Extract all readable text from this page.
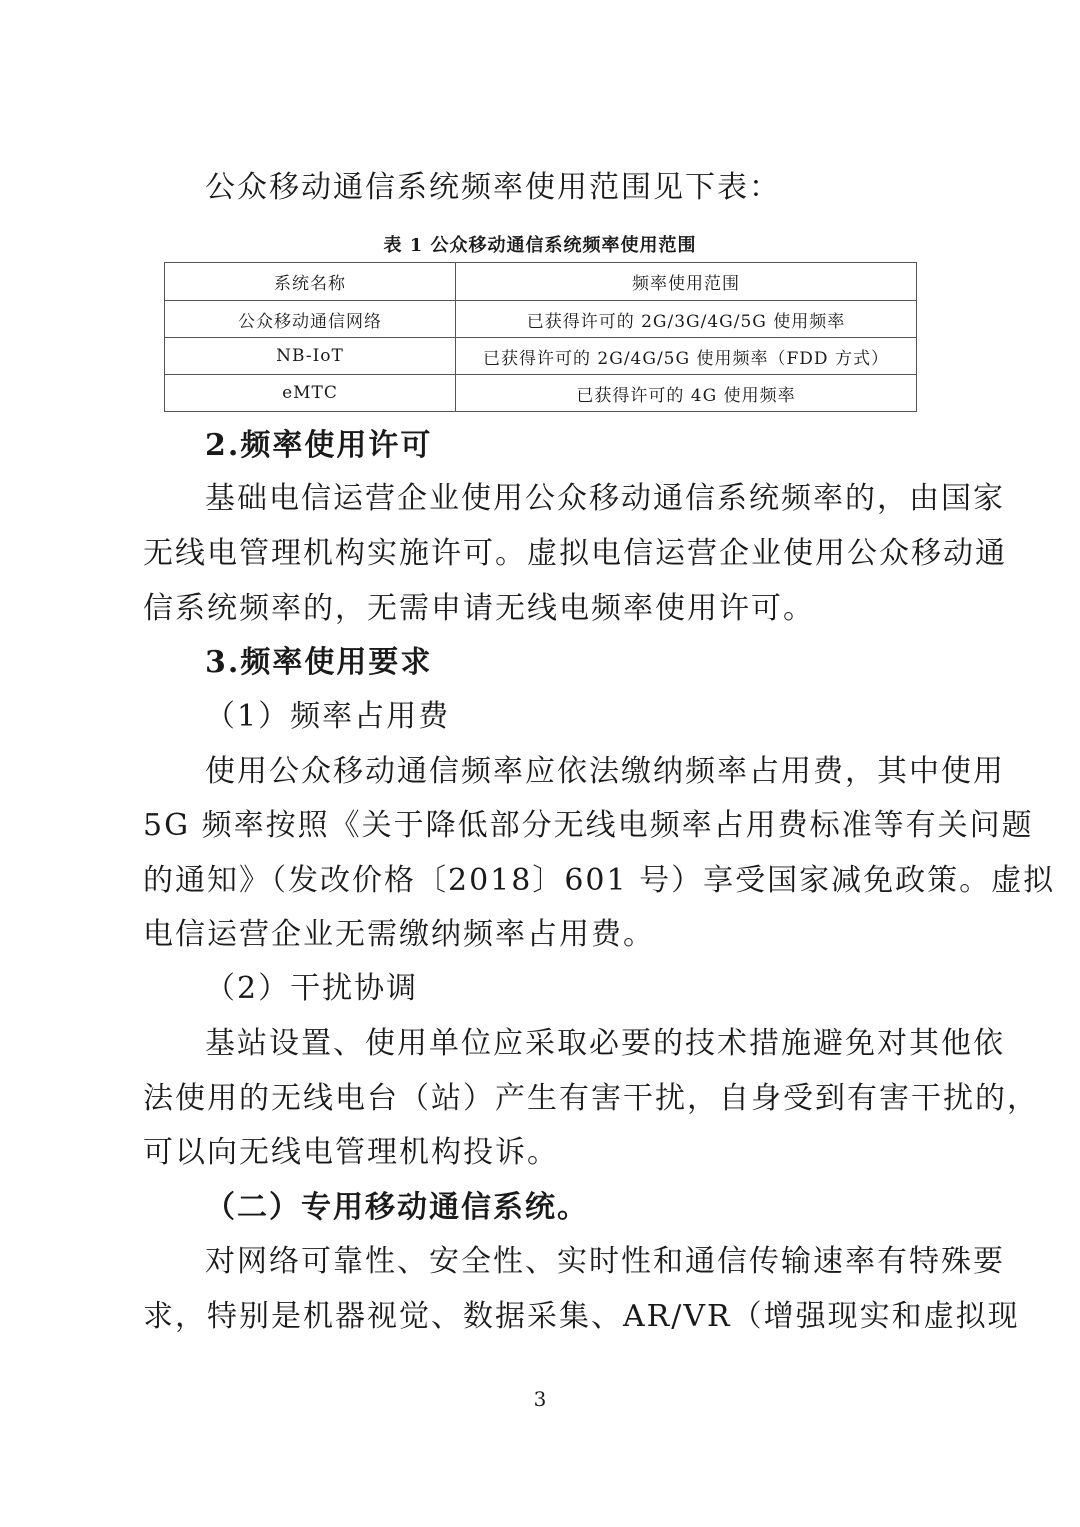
公众移动通信系统频率使用范围见下表：
表 1 公众移动通信系统频率使用范围
系统名称	频率使用范围
公众移动通信网络	已获得许可的 2G/3G/4G/5G 使用频率
NB-IoT	已获得许可的 2G/4G/5G 使用频率（FDD 方式）
eMTC	已获得许可的 4G 使用频率
2.频率使用许可
基础电信运营企业使用公众移动通信系统频率的，由国家
无线电管理机构实施许可。虚拟电信运营企业使用公众移动通
信系统频率的，无需申请无线电频率使用许可。
3.频率使用要求
（1）频率占用费
使用公众移动通信频率应依法缴纳频率占用费，其中使用
5G 频率按照《关于降低部分无线电频率占用费标准等有关问题
的通知》（发改价格〔2018〕601 号）享受国家减免政策。虚拟
电信运营企业无需缴纳频率占用费。
（2）干扰协调
基站设置、使用单位应采取必要的技术措施避免对其他依
法使用的无线电台（站）产生有害干扰，自身受到有害干扰的，
可以向无线电管理机构投诉。
（二）专用移动通信系统。
对网络可靠性、安全性、实时性和通信传输速率有特殊要
求，特别是机器视觉、数据采集、AR/VR（增强现实和虚拟现
3
